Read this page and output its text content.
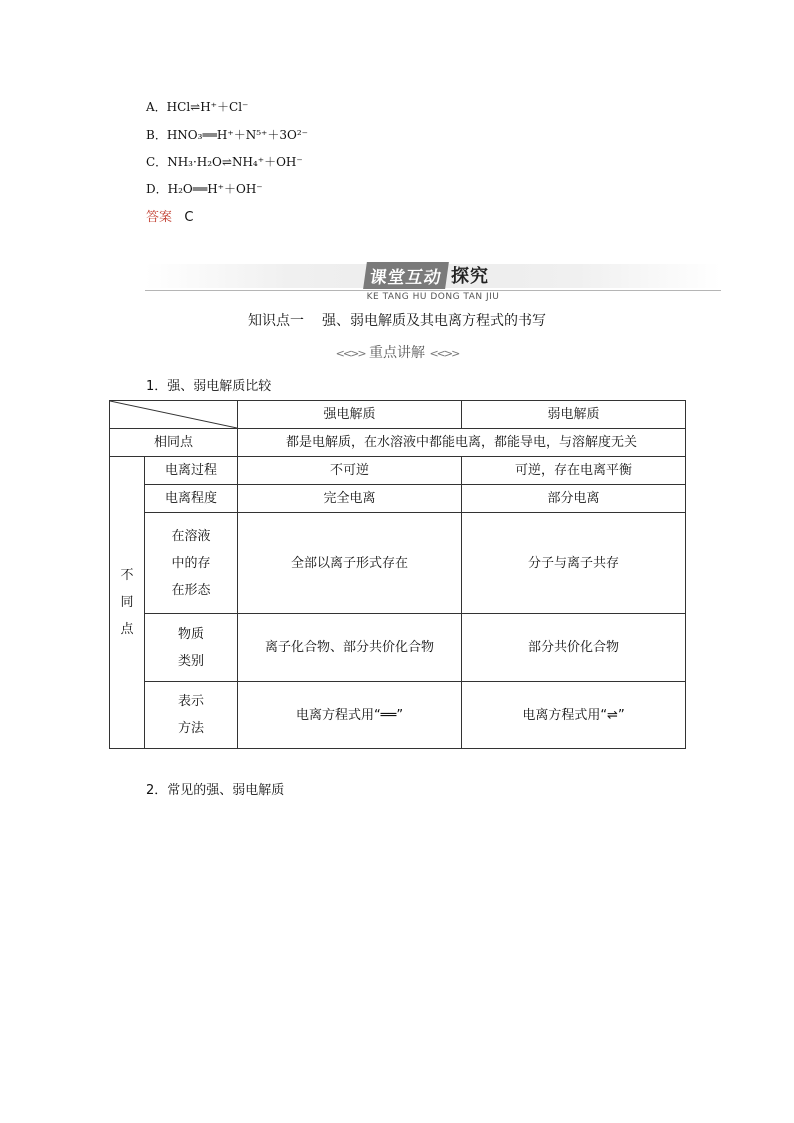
A．HCl⇌H⁺＋Cl⁻
B．HNO₃══H⁺＋N⁵⁺＋3O²⁻
C．NH₃·H₂O⇌NH₄⁺＋OH⁻
D．H₂O══H⁺＋OH⁻
答案 C
课堂互动 探究
KE TANG HU DONG TAN JIU
知识点一 强、弱电解质及其电离方程式的书写
<<>> 重点讲解 <<>>
1．强、弱电解质比较
	强电解质	弱电解质
相同点		都是电解质，在水溶液中都能电离，都能导电，与溶解度无关	

不
同
点	电离过程	不可逆	可逆，存在电离平衡
	电离程度	完全电离	部分电离

	在溶液
中的存
在形态	全部以离子形式存在	分子与离子共存

	物质
类别	离子化合物、部分共价化合物	部分共价化合物

	表示
方法	电离方程式用“══”	电离方程式用“⇌”
2．常见的强、弱电解质
